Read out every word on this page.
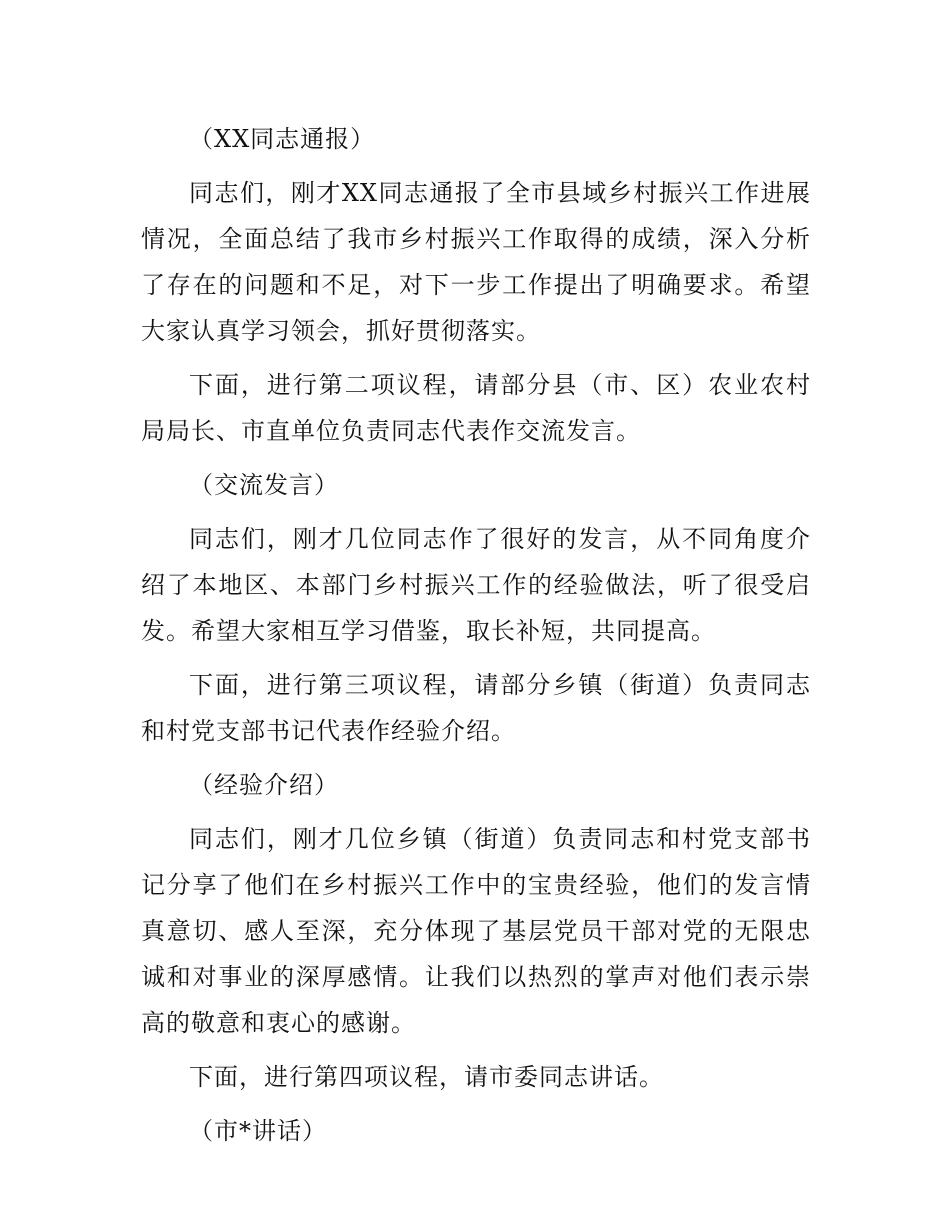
（XX同志通报）

同志们，刚才XX同志通报了全市县域乡村振兴工作进展情况，全面总结了我市乡村振兴工作取得的成绩，深入分析了存在的问题和不足，对下一步工作提出了明确要求。希望大家认真学习领会，抓好贯彻落实。

下面，进行第二项议程，请部分县（市、区）农业农村局局长、市直单位负责同志代表作交流发言。

（交流发言）

同志们，刚才几位同志作了很好的发言，从不同角度介绍了本地区、本部门乡村振兴工作的经验做法，听了很受启发。希望大家相互学习借鉴，取长补短，共同提高。

下面，进行第三项议程，请部分乡镇（街道）负责同志和村党支部书记代表作经验介绍。

（经验介绍）

同志们，刚才几位乡镇（街道）负责同志和村党支部书记分享了他们在乡村振兴工作中的宝贵经验，他们的发言情真意切、感人至深，充分体现了基层党员干部对党的无限忠诚和对事业的深厚感情。让我们以热烈的掌声对他们表示崇高的敬意和衷心的感谢。

下面，进行第四项议程，请市委同志讲话。

（市*讲话）
